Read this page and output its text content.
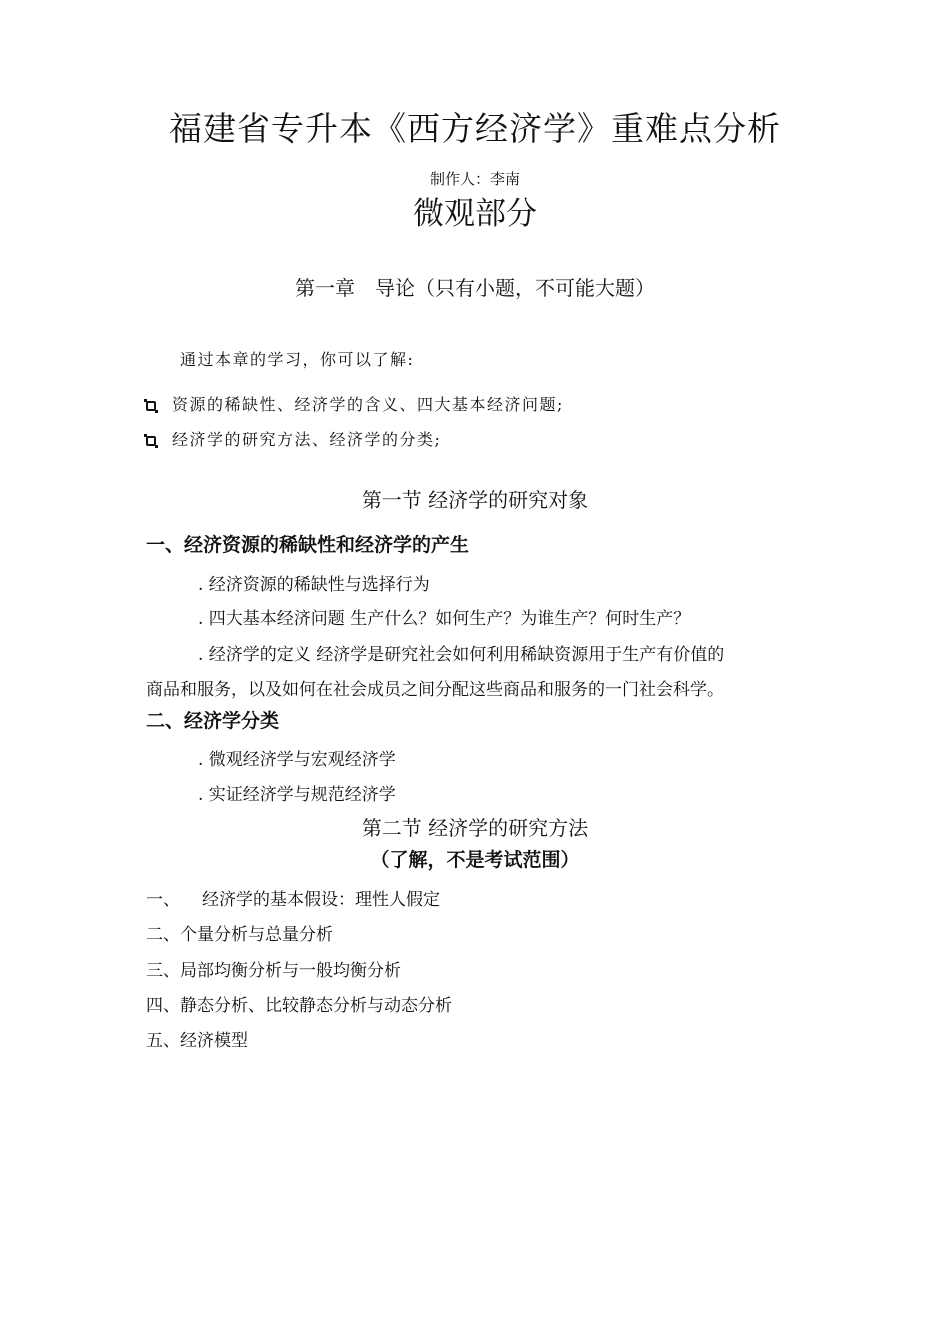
福建省专升本《西方经济学》重难点分析
制作人：李南
微观部分
第一章　导论（只有小题，不可能大题）
通过本章的学习，你可以了解:
资源的稀缺性、经济学的含义、四大基本经济问题;
经济学的研究方法、经济学的分类;
第一节 经济学的研究对象
一、经济资源的稀缺性和经济学的产生
. 经济资源的稀缺性与选择行为
. 四大基本经济问题 生产什么？如何生产？为谁生产？何时生产？
. 经济学的定义 经济学是研究社会如何利用稀缺资源用于生产有价值的
商品和服务，以及如何在社会成员之间分配这些商品和服务的一门社会科学。
二、经济学分类
. 微观经济学与宏观经济学
. 实证经济学与规范经济学
第二节 经济学的研究方法
（了解，不是考试范围）
一、 经济学的基本假设：理性人假定
二、个量分析与总量分析
三、局部均衡分析与一般均衡分析
四、静态分析、比较静态分析与动态分析
五、经济模型
